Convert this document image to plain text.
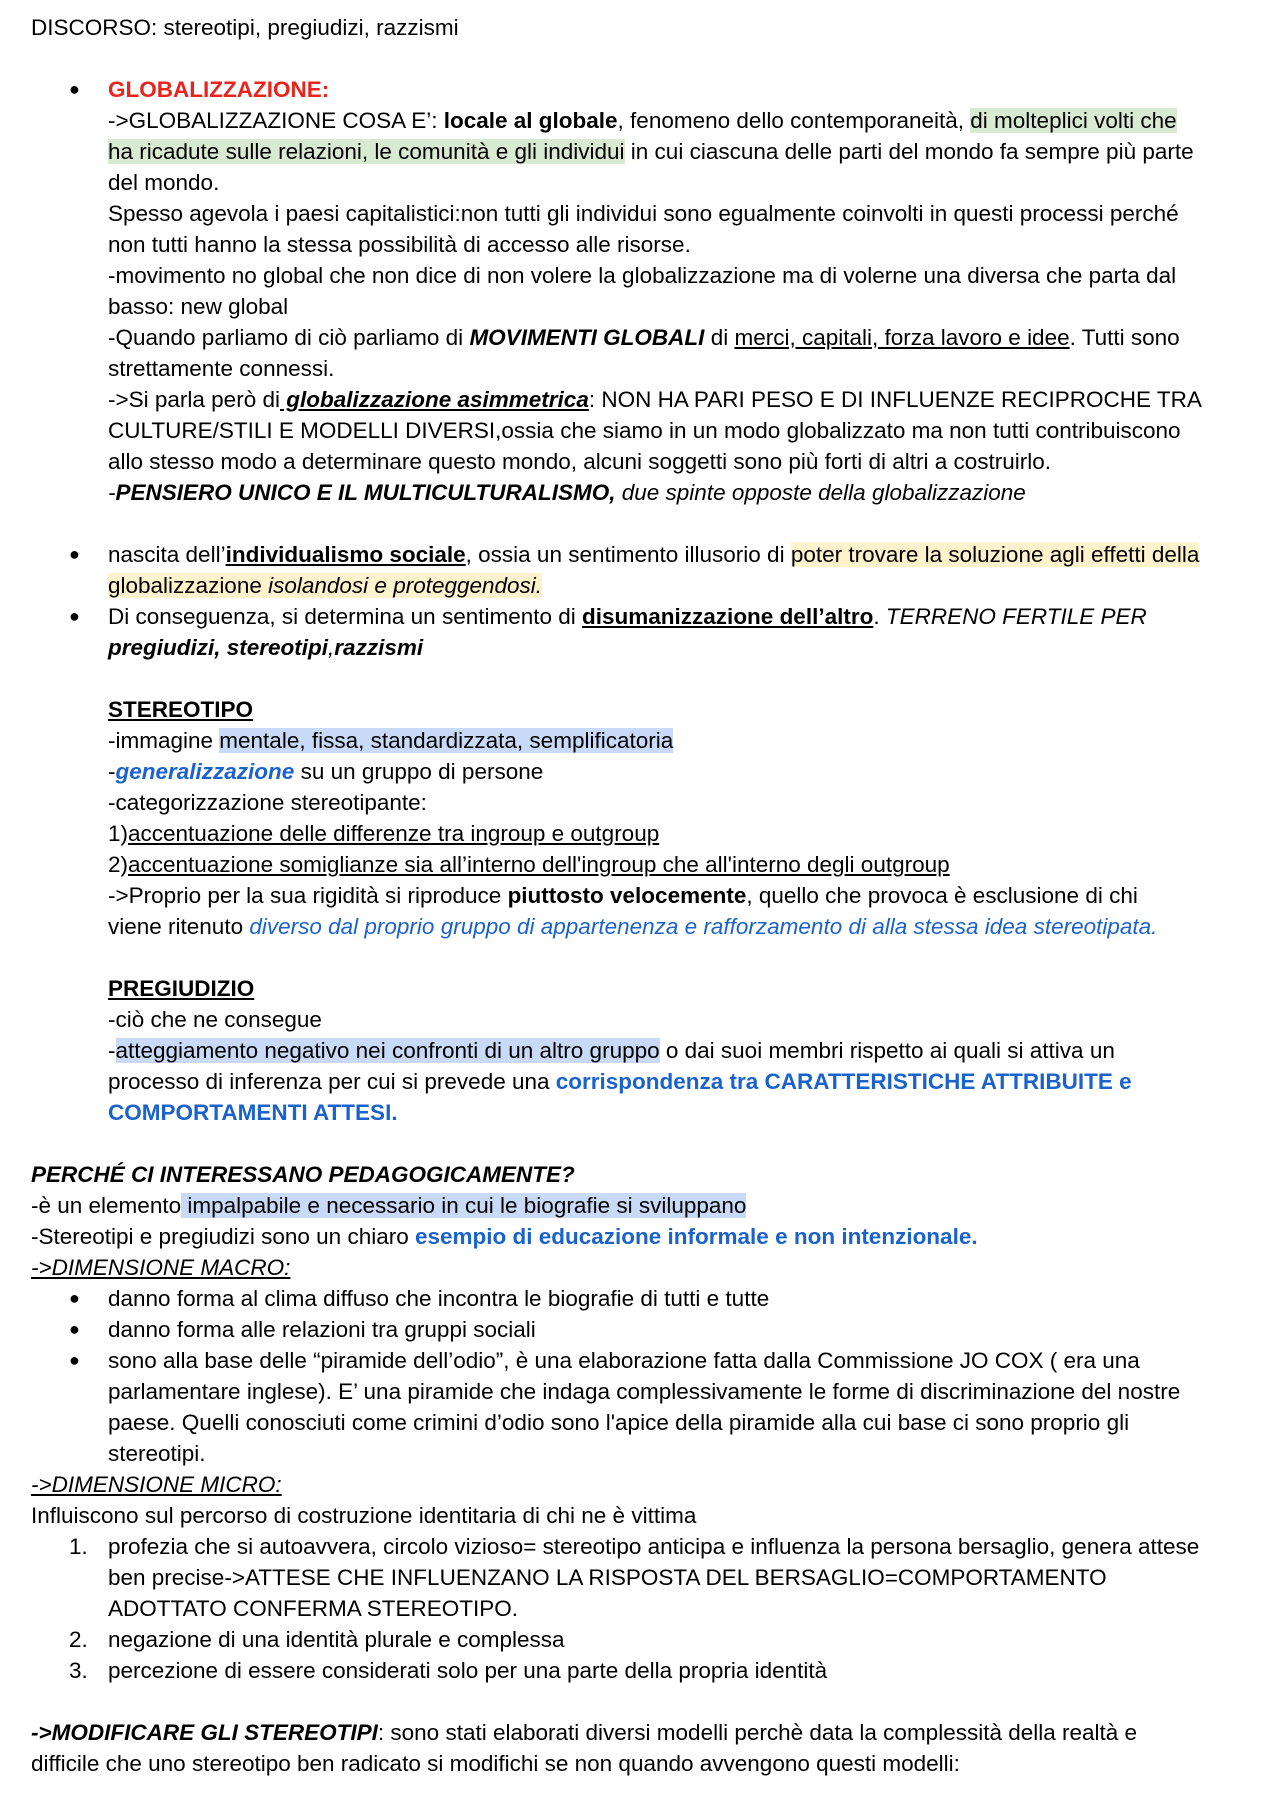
DISCORSO: stereotipi, pregiudizi, razzismi
● GLOBALIZZAZIONE:
->GLOBALIZZAZIONE COSA E’: locale al globale, fenomeno dello contemporaneità, di molteplici volti che
ha ricadute sulle relazioni, le comunità e gli individui in cui ciascuna delle parti del mondo fa sempre più parte
del mondo.
Spesso agevola i paesi capitalistici:non tutti gli individui sono egualmente coinvolti in questi processi perché
non tutti hanno la stessa possibilità di accesso alle risorse.
-movimento no global che non dice di non volere la globalizzazione ma di volerne una diversa che parta dal
basso: new global
-Quando parliamo di ciò parliamo di MOVIMENTI GLOBALI di merci, capitali, forza lavoro e idee. Tutti sono
strettamente connessi.
->Si parla però di globalizzazione asimmetrica: NON HA PARI PESO E DI INFLUENZE RECIPROCHE TRA
CULTURE/STILI E MODELLI DIVERSI,ossia che siamo in un modo globalizzato ma non tutti contribuiscono
allo stesso modo a determinare questo mondo, alcuni soggetti sono più forti di altri a costruirlo.
-PENSIERO UNICO E IL MULTICULTURALISMO, due spinte opposte della globalizzazione
● nascita dell’individualismo sociale, ossia un sentimento illusorio di poter trovare la soluzione agli effetti della
globalizzazione isolandosi e proteggendosi.
● Di conseguenza, si determina un sentimento di disumanizzazione dell’altro. TERRENO FERTILE PER
pregiudizi, stereotipi,razzismi
STEREOTIPO
-immagine mentale, fissa, standardizzata, semplificatoria
-generalizzazione su un gruppo di persone
-categorizzazione stereotipante:
1)accentuazione delle differenze tra ingroup e outgroup
2)accentuazione somiglianze sia all’interno dell'ingroup che all'interno degli outgroup
->Proprio per la sua rigidità si riproduce piuttosto velocemente, quello che provoca è esclusione di chi
viene ritenuto diverso dal proprio gruppo di appartenenza e rafforzamento di alla stessa idea stereotipata.
PREGIUDIZIO
-ciò che ne consegue
-atteggiamento negativo nei confronti di un altro gruppo o dai suoi membri rispetto ai quali si attiva un
processo di inferenza per cui si prevede una corrispondenza tra CARATTERISTICHE ATTRIBUITE e
COMPORTAMENTI ATTESI.
PERCHÉ CI INTERESSANO PEDAGOGICAMENTE?
-è un elemento impalpabile e necessario in cui le biografie si sviluppano
-Stereotipi e pregiudizi sono un chiaro esempio di educazione informale e non intenzionale.
->DIMENSIONE MACRO:
● danno forma al clima diffuso che incontra le biografie di tutti e tutte
● danno forma alle relazioni tra gruppi sociali
● sono alla base delle “piramide dell’odio”, è una elaborazione fatta dalla Commissione JO COX ( era una
parlamentare inglese). E’ una piramide che indaga complessivamente le forme di discriminazione del nostre
paese. Quelli conosciuti come crimini d’odio sono l'apice della piramide alla cui base ci sono proprio gli
stereotipi.
->DIMENSIONE MICRO:
Influiscono sul percorso di costruzione identitaria di chi ne è vittima
1. profezia che si autoavvera, circolo vizioso= stereotipo anticipa e influenza la persona bersaglio, genera attese
ben precise->ATTESE CHE INFLUENZANO LA RISPOSTA DEL BERSAGLIO=COMPORTAMENTO
ADOTTATO CONFERMA STEREOTIPO.
2. negazione di una identità plurale e complessa
3. percezione di essere considerati solo per una parte della propria identità
->MODIFICARE GLI STEREOTIPI: sono stati elaborati diversi modelli perchè data la complessità della realtà e
difficile che uno stereotipo ben radicato si modifichi se non quando avvengono questi modelli:
